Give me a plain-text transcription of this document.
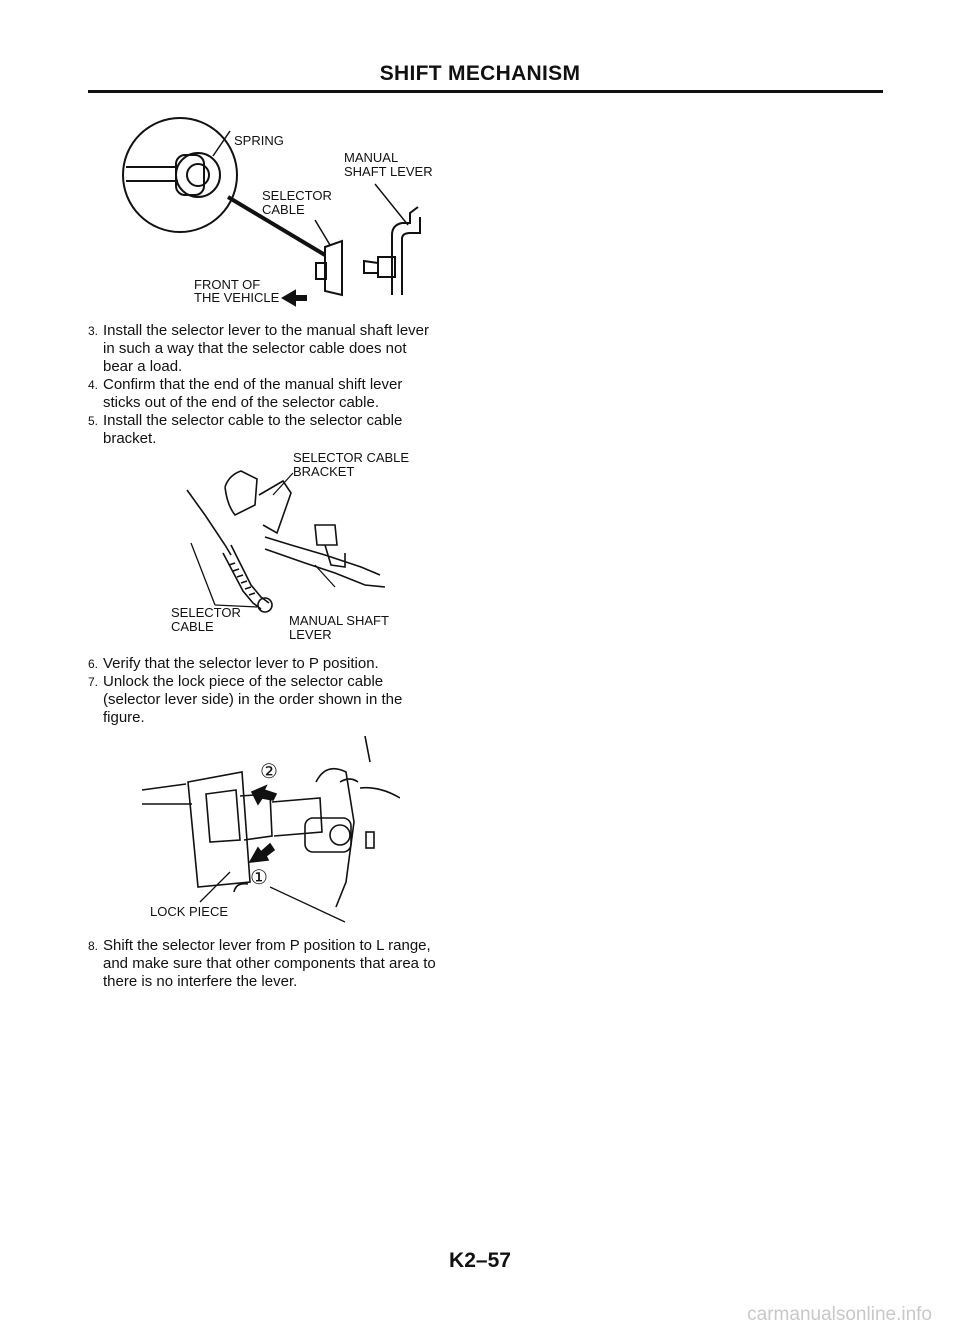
SHIFT MECHANISM
SPRING
MANUAL
SHAFT LEVER
SELECTOR
CABLE
FRONT OF
THE VEHICLE
3. Install the selector lever to the manual shaft lever
in such a way that the selector cable does not
bear a load.
4. Confirm that the end of the manual shift lever
sticks out of the end of the selector cable.
5. Install the selector cable to the selector cable
bracket.
SELECTOR CABLE
BRACKET
SELECTOR
CABLE	MANUAL SHAFT
LEVER
6. Verify that the selector lever to P position.
7. Unlock the lock piece of the selector cable
(selector lever side) in the order shown in the
figure.
②
①
LOCK PIECE
8. Shift the selector lever from P position to L range,
and make sure that other components that area to
there is no interfere the lever.
K2–57
carmanualsonline.info
